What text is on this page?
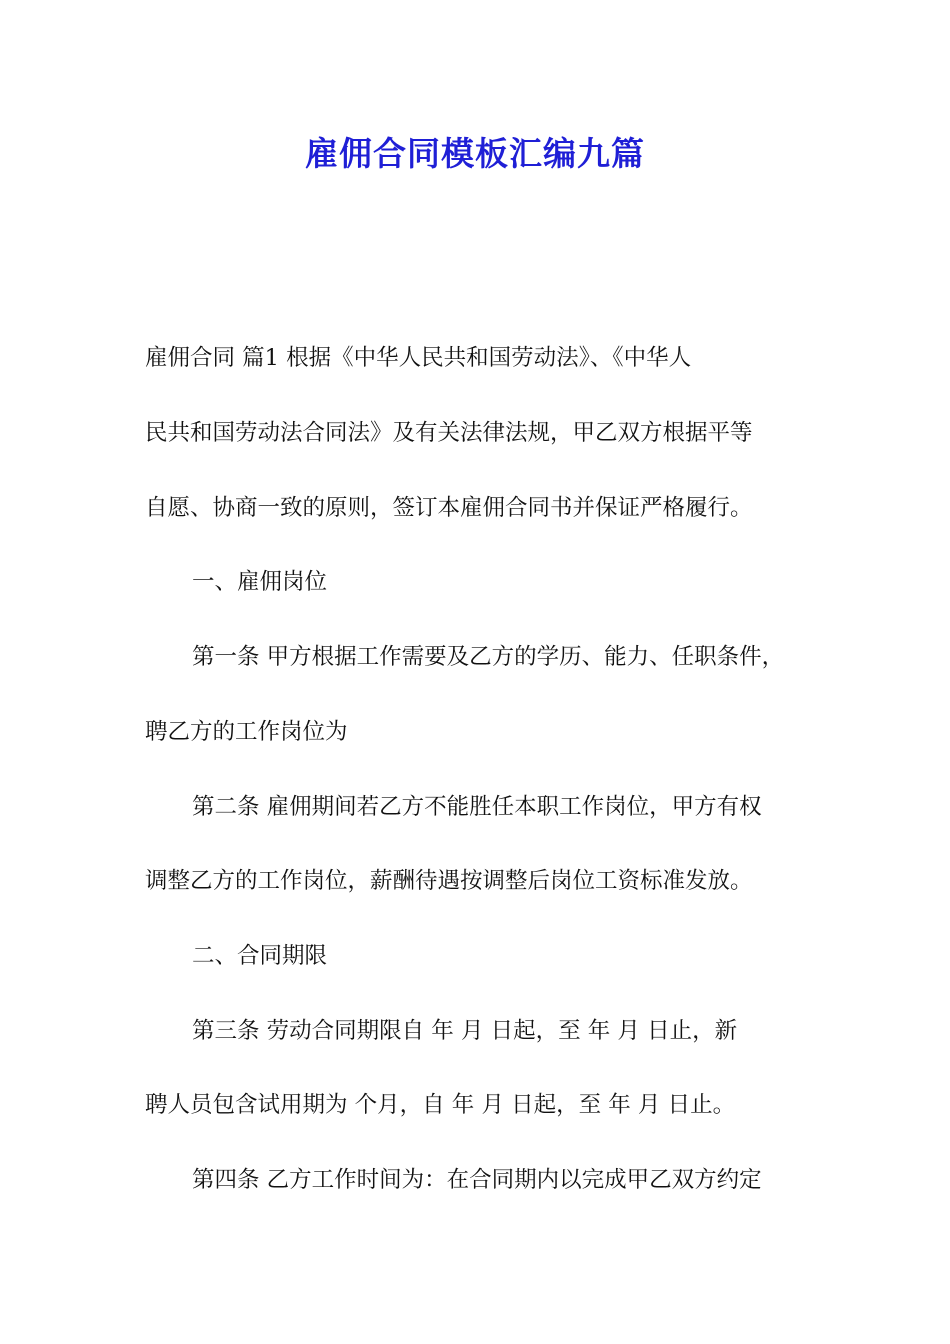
雇佣合同模板汇编九篇

雇佣合同 篇1 根据《中华人民共和国劳动法》、《中华人

民共和国劳动法合同法》及有关法律法规，甲乙双方根据平等

自愿、协商一致的原则，签订本雇佣合同书并保证严格履行。

一、雇佣岗位

第一条 甲方根据工作需要及乙方的学历、能力、任职条件，

聘乙方的工作岗位为

第二条 雇佣期间若乙方不能胜任本职工作岗位，甲方有权

调整乙方的工作岗位，薪酬待遇按调整后岗位工资标准发放。

二、合同期限

第三条 劳动合同期限自 年 月 日起，至 年 月 日止，新

聘人员包含试用期为 个月，自 年 月 日起，至 年 月 日止。

第四条 乙方工作时间为：在合同期内以完成甲乙双方约定
